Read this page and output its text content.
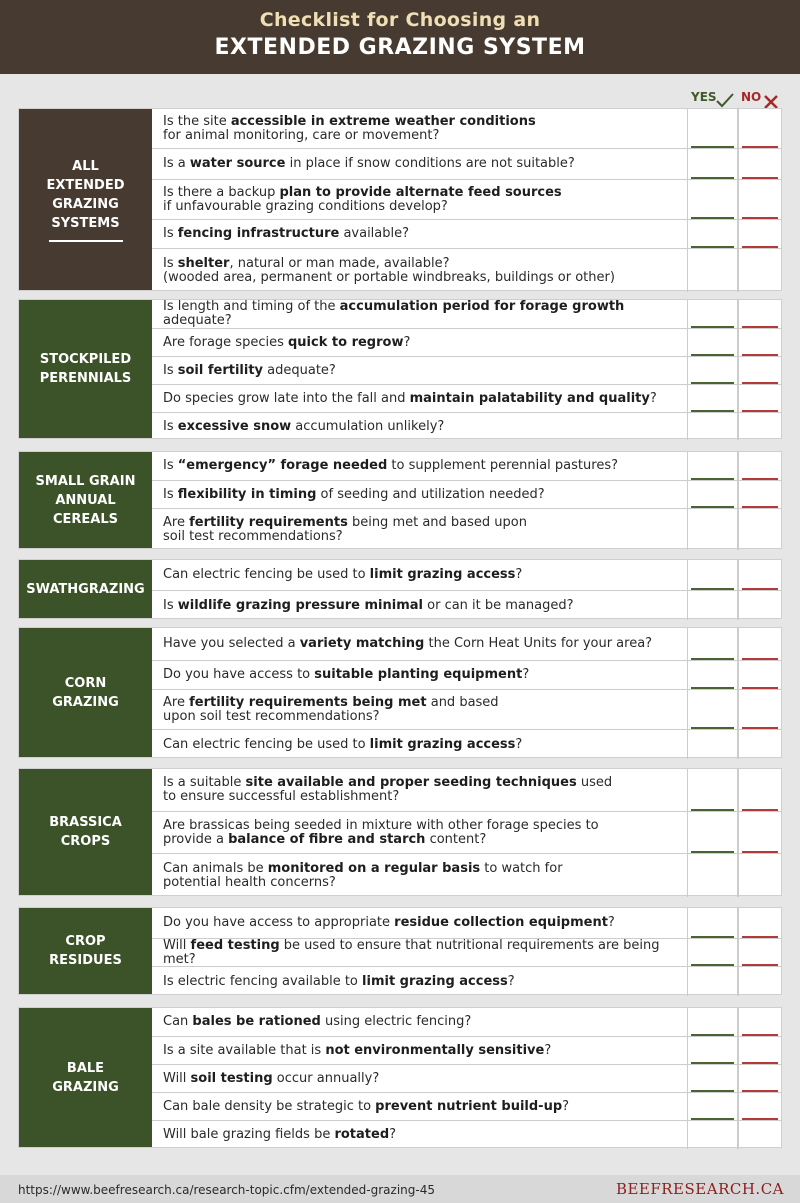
Checklist for Choosing an
EXTENDED GRAZING SYSTEM
YES NO
ALL
EXTENDED
GRAZING
SYSTEMS
Is the site accessible in extreme weather conditions
for animal monitoring, care or movement?
Is a water source in place if snow conditions are not suitable?
Is there a backup plan to provide alternate feed sources
if unfavourable grazing conditions develop?
Is fencing infrastructure available?
Is shelter, natural or man made, available?
(wooded area, permanent or portable windbreaks, buildings or other)
STOCKPILED
PERENNIALS
Is length and timing of the accumulation period for forage growth adequate?
Are forage species quick to regrow?
Is soil fertility adequate?
Do species grow late into the fall and maintain palatability and quality?
Is excessive snow accumulation unlikely?
SMALL GRAIN
ANNUAL
CEREALS
Is “emergency” forage needed to supplement perennial pastures?
Is flexibility in timing of seeding and utilization needed?
Are fertility requirements being met and based upon
soil test recommendations?
SWATHGRAZING
Can electric fencing be used to limit grazing access?
Is wildlife grazing pressure minimal or can it be managed?
CORN
GRAZING
Have you selected a variety matching the Corn Heat Units for your area?
Do you have access to suitable planting equipment?
Are fertility requirements being met and based
upon soil test recommendations?
Can electric fencing be used to limit grazing access?
BRASSICA
CROPS
Is a suitable site available and proper seeding techniques used
to ensure successful establishment?
Are brassicas being seeded in mixture with other forage species to
provide a balance of fibre and starch content?
Can animals be monitored on a regular basis to watch for
potential health concerns?
CROP
RESIDUES
Do you have access to appropriate residue collection equipment?
Will feed testing be used to ensure that nutritional requirements are being met?
Is electric fencing available to limit grazing access?
BALE
GRAZING
Can bales be rationed using electric fencing?
Is a site available that is not environmentally sensitive?
Will soil testing occur annually?
Can bale density be strategic to prevent nutrient build-up?
Will bale grazing fields be rotated?
https://www.beefresearch.ca/research-topic.cfm/extended-grazing-45	BEEFRESEARCH.CA
